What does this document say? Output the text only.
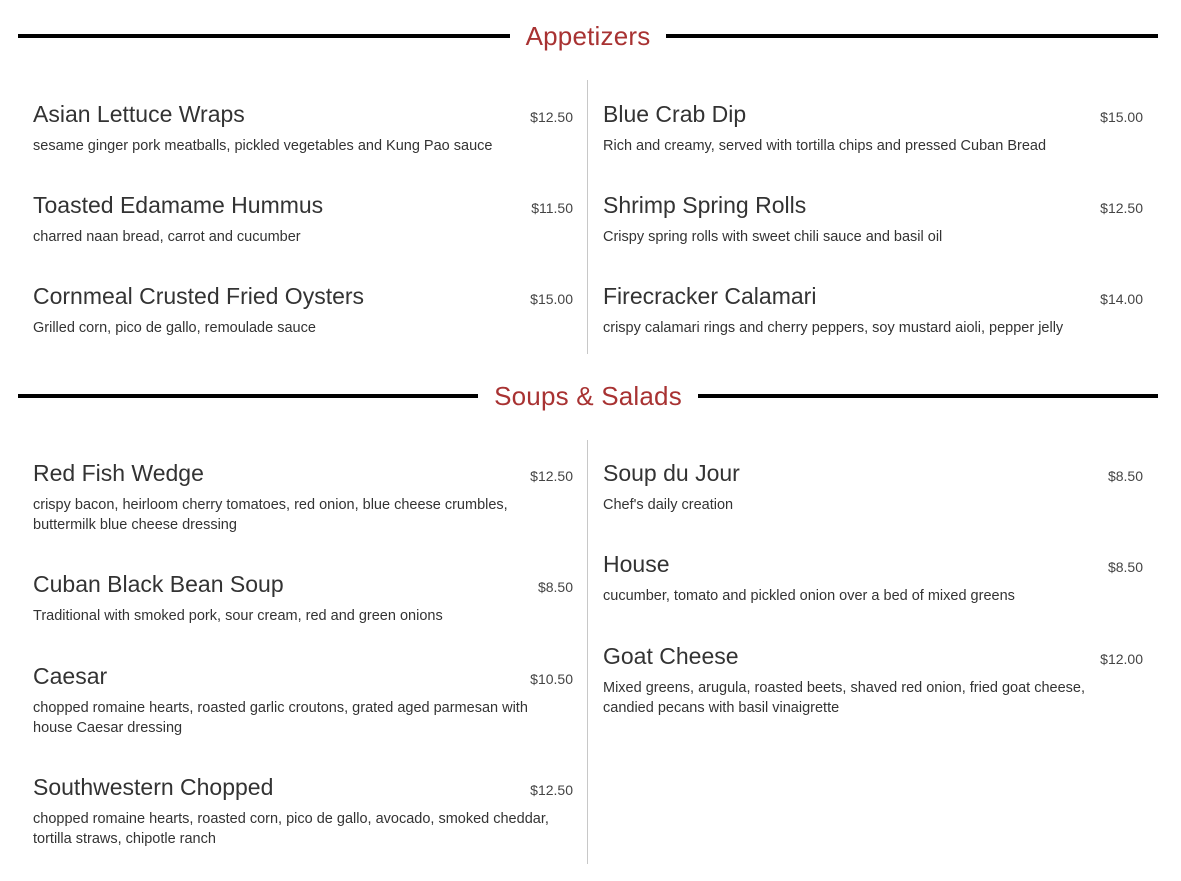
Appetizers
Asian Lettuce Wraps	$12.50
sesame ginger pork meatballs, pickled vegetables and Kung Pao sauce
Toasted Edamame Hummus	$11.50
charred naan bread, carrot and cucumber
Cornmeal Crusted Fried Oysters	$15.00
Grilled corn, pico de gallo, remoulade sauce
Blue Crab Dip	$15.00
Rich and creamy, served with tortilla chips and pressed Cuban Bread
Shrimp Spring Rolls	$12.50
Crispy spring rolls with sweet chili sauce and basil oil
Firecracker Calamari	$14.00
crispy calamari rings and cherry peppers, soy mustard aioli, pepper jelly
Soups & Salads
Red Fish Wedge	$12.50
crispy bacon, heirloom cherry tomatoes, red onion, blue cheese crumbles, buttermilk blue cheese dressing
Cuban Black Bean Soup	$8.50
Traditional with smoked pork, sour cream, red and green onions
Caesar	$10.50
chopped romaine hearts, roasted garlic croutons, grated aged parmesan with house Caesar dressing
Southwestern Chopped	$12.50
chopped romaine hearts, roasted corn, pico de gallo, avocado, smoked cheddar, tortilla straws, chipotle ranch
Soup du Jour	$8.50
Chef's daily creation
House	$8.50
cucumber, tomato and pickled onion over a bed of mixed greens
Goat Cheese	$12.00
Mixed greens, arugula, roasted beets, shaved red onion, fried goat cheese, candied pecans with basil vinaigrette
